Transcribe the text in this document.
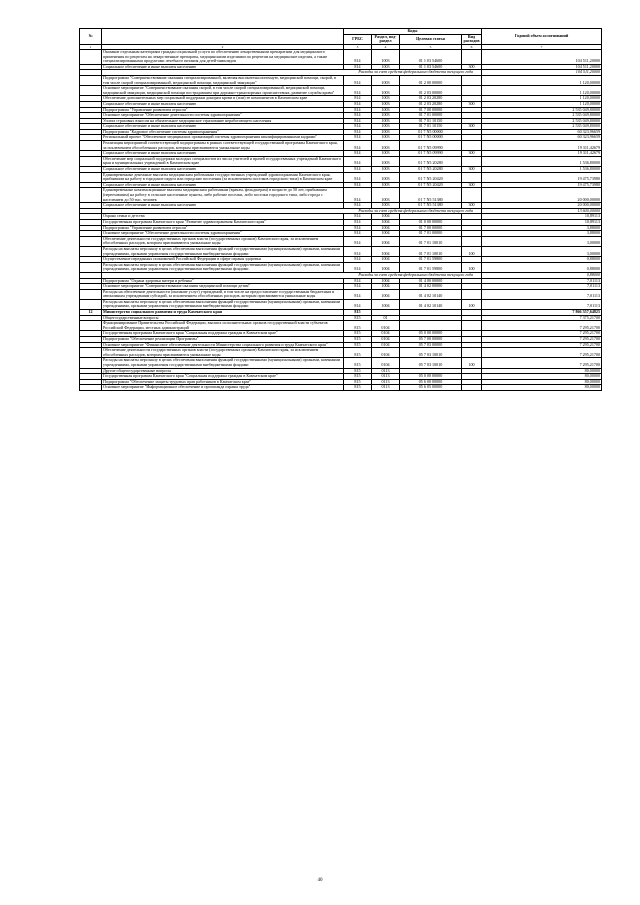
№		Коды				Годовой объем ассигнований
		ГРБС	Раздел, под-раздел	Целевая статья	Вид расходов	
1	2	3	4	5	6	7
	Оказание отдельным категориям граждан социальной услуги по обеспечению лекарственными препаратами для медицинского применения по рецептам на лекарственные препараты, медицинскими изделиями по рецептам на медицинские изделия, а также специализированными продуктами лечебного питания для детей-инвалидов	814	1003	01 1 03 54600		104 511,20000
	Социальное обеспечение и иные выплаты населению	814	1003	01 1 03 54600	300	104 511,20000
	Расходы за счет средств федерального бюджета текущего года					104 511,20000
	Подпрограмма "Совершенствование оказания специализированной, включая высокотехнологичную, медицинской помощи, скорой, в том числе скорой специализированной, медицинской помощи, медицинской эвакуации"	814	1003	01 2 00 00000		1 120,00000
	Основное мероприятие "Совершенствование оказания скорой, в том числе скорой специализированной, медицинской помощи, медицинской эвакуации, медицинской помощи пострадавшим при дорожно-транспортных происшествиях, развитие службы крови"	814	1003	01 2 03 00000		1 120,00000
	Обеспечение дополнительных мер социальной поддержки донорам крови и (или) ее компонентов в Камчатском крае	814	1003	01 2 03 20280		1 120,00000
	Социальное обеспечение и иные выплаты населению	814	1003	01 2 03 20280	300	1 120,00000
	Подпрограмма "Управление развитием отрасли"	814	1003	01 7 00 00000		2 535 049,80000
	Основное мероприятие "Обеспечение деятельности системы здравоохранения"	814	1003	01 7 01 00000		2 535 049,80000
	Уплата страховых взносов на обязательное медицинское страхование неработающего населения	814	1003	01 7 01 10150		2 535 049,80000
	Социальное обеспечение и иные выплаты населению	814	1003	01 7 01 10150	300	2 535 049,80000
	Подпрограмма "Кадровое обеспечение системы здравоохранения"	814	1003	01 7 N5 00000		60 323,96659
	Региональный проект "Обеспечение медицинских организаций системы здравоохранения квалифицированными кадрами"	814	1003	01 7 N5 00000		60 323,96659
	Реализация мероприятий соответствующей подпрограммы в рамках соответствующей государственной программы Камчатского края, за исключением обособленных расходов, которым присваиваются уникальные коды	814	1003	01 7 N5 09990		19 311,42679
	Социальное обеспечение и иные выплаты населению	814	1003	01 7 N5 09990	300	19 311,42679
	Обеспечение мер социальной поддержки молодых специалистов из числа учителей и врачей государственных учреждений Камчатского края и муниципальных учреждений в Камчатском крае	814	1003	01 7 N5 20280		1 536,80000
	Социальное обеспечение и иные выплаты населению	814	1003	01 7 N5 20280	300	1 536,80000
	Единовременные денежные выплаты медицинским работникам государственных учреждений здравоохранения Камчатского края, прибывшим на работу в городские округа или городские поселения (за исключением поселков городского типа) в Камчатском крае	814	1003	01 7 N5 20420		19 475,73980
	Социальное обеспечение и иные выплаты населению	814	1003	01 7 N5 20420	300	19 475,73980
	Единовременные компенсационные выплаты медицинским работникам (врачам, фельдшерам) в возрасте до 50 лет, прибывшим (переехавшим) на работу в сельские населенные пункты, либо рабочие поселки, либо поселки городского типа, либо города с населением до 50 тыс. человек	814	1003	01 7 N5 51380		20 000,00000
	Социальное обеспечение и иные выплаты населению	814	1003	01 7 N5 51380	300	20 000,00000
	Расходы за счет средств федерального бюджета текущего года					13 600,00000
	Охрана семьи и детства	814	1004			10,89113
	Государственная программа Камчатского края "Развитие здравоохранения Камчатского края"	814	1004	01 0 00 00000		10,89113
	Подпрограмма "Управление развитием отрасли"	814	1004	01 7 00 00000		3,88000
	Основное мероприятие "Обеспечение деятельности системы здравоохранения"	814	1004	01 7 01 00000		3,88000
	Обеспечение деятельности государственных органов власти (государственных органов) Камчатского края, за исключением обособленных расходов, которым присваиваются уникальные коды	814	1004	01 7 01 10010		3,00000
	Расходы на выплаты персоналу в целях обеспечения выполнения функций государственными (муниципальными) органами, казенными учреждениями, органами управления государственными внебюджетными фондами	814	1004	01 7 01 10010	100	3,00000
	Осуществление переданных полномочий Российской Федерации в сфере охраны здоровья	814	1004	01 7 01 59800		0,88000
	Расходы на выплаты персоналу в целях обеспечения выполнения функций государственными (муниципальными) органами, казенными учреждениями, органами управления государственными внебюджетными фондами	814	1004	01 7 01 59800	100	0,88000
	Расходы за счет средств федерального бюджета текущего года					0,88000
	Подпрограмма "Охрана здоровья матери и ребенка"	814	1004	01 4 00 00000		7,01113
	Основное мероприятие "Совершенствование оказания медицинской помощи детям"	814	1004	01 4 02 00000		7,01113
	Расходы на обеспечение деятельности (оказание услуг) учреждений, в том числе на предоставление государственным бюджетным и автономным учреждениям субсидий, за исключением обособленных расходов, которым присваиваются уникальные коды	814	1004	01 4 02 10140		7,01113
	Расходы на выплаты персоналу в целях обеспечения выполнения функций государственными (муниципальными) органами, казенными учреждениями, органами управления государственными внебюджетными фондами	814	1004	01 4 02 10140	100	7,01113
12	Министерство социального развития и труда Камчатского края	815				7 866 557,64825
	Общегосударственные вопросы	815	01			7 375,21700
	Функционирование Правительства Российской Федерации, высших исполнительных органов государственной власти субъектов Российской Федерации, местных администраций	815	0104			7 295,21700
	Государственная программа Камчатского края "Социальная поддержка граждан в Камчатском крае"	815	0104	05 0 00 00000		7 295,21700
	Подпрограмма "Обеспечение реализации Программы"	815	0104	05 7 00 00000		7 295,21700
	Основное мероприятие "Финансовое обеспечение деятельности Министерства социального развития и труда Камчатского края"	815	0104	05 7 03 00000		7 295,21700
	Обеспечение деятельности государственных органов власти (государственных органов) Камчатского края, за исключением обособленных расходов, которым присваиваются уникальные коды	815	0104	05 7 03 10010		7 295,21700
	Расходы на выплаты персоналу в целях обеспечения выполнения функций государственными (муниципальными) органами, казенными учреждениями, органами управления государственными внебюджетными фондами	815	0104	05 7 03 10010	100	7 295,21700
	Другие общегосударственные вопросы	815	0113			80,00000
	Государственная программа Камчатского края "Социальная поддержка граждан в Камчатском крае"	815	0113	05 0 00 00000		80,00000
	Подпрограмма "Обеспечение защиты трудовых прав работников в Камчатском крае"	815	0113	05 6 00 00000		80,00000
	Основное мероприятие "Информационное обеспечение и пропаганда охраны труда"	815	0113	05 6 05 00000		80,00000
40
